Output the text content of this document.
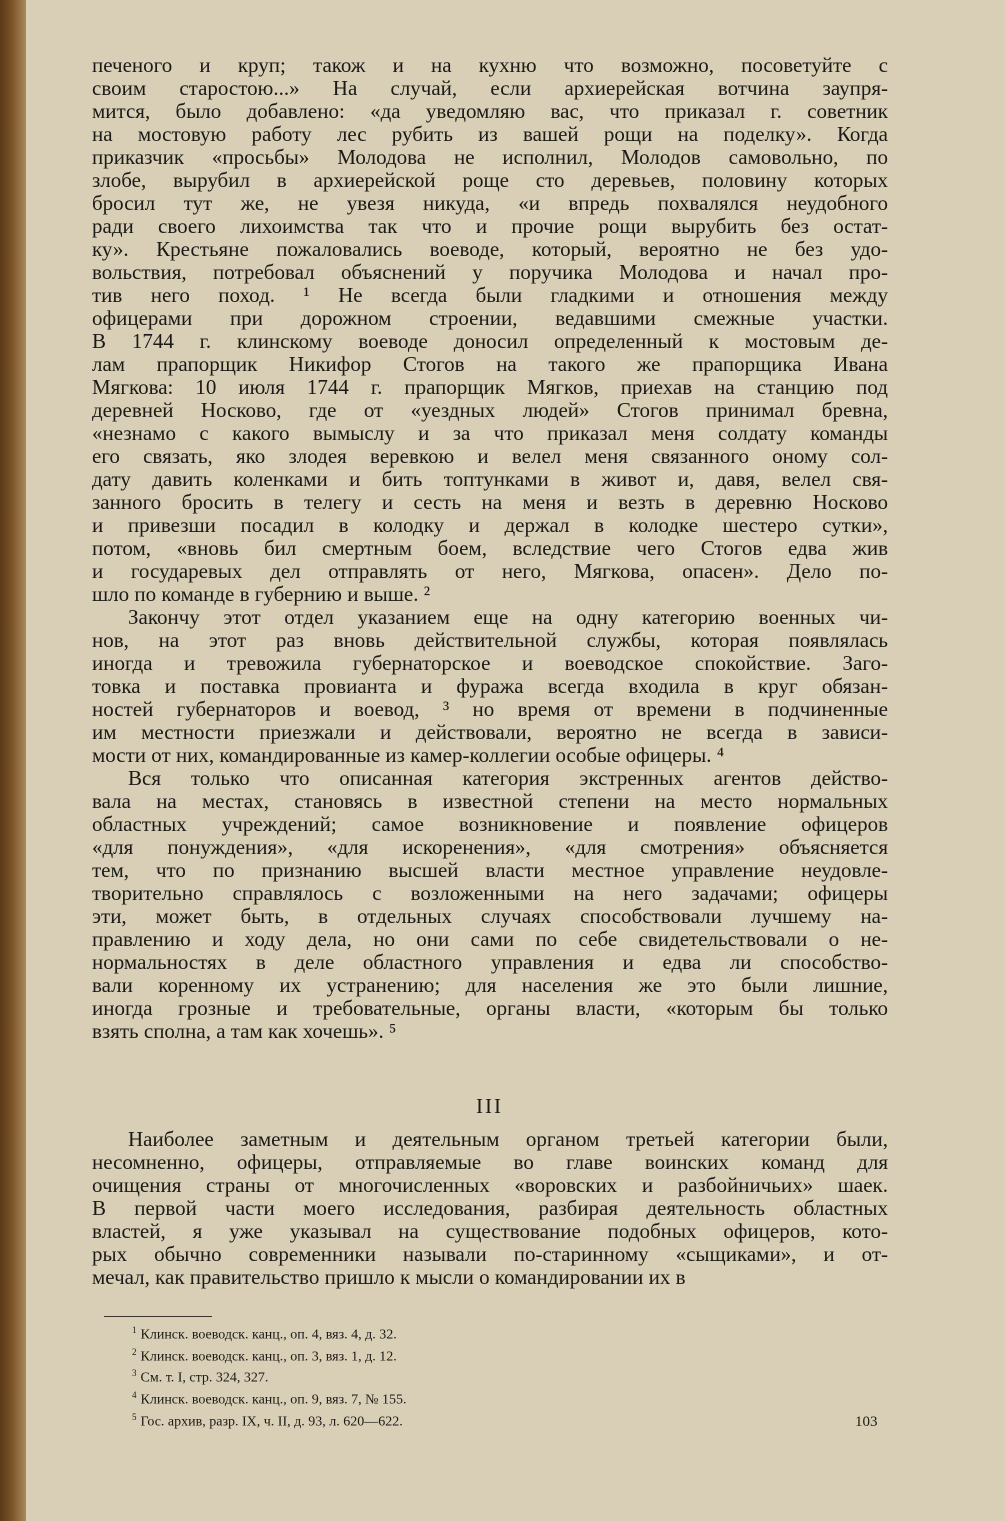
печеного и круп; також и на кухню что возможно, посоветуйте с
своим старостою...» На случай, если архиерейская вотчина заупря-
мится, было добавлено: «да уведомляю вас, что приказал г. советник
на мостовую работу лес рубить из вашей рощи на поделку». Когда
приказчик «просьбы» Молодова не исполнил, Молодов самовольно, по
злобе, вырубил в архиерейской роще сто деревьев, половину которых
бросил тут же, не увезя никуда, «и впредь похвалялся неудобного
ради своего лихоимства так что и прочие рощи вырубить без остат-
ку». Крестьяне пожаловались воеводе, который, вероятно не без удо-
вольствия, потребовал объяснений у поручика Молодова и начал про-
тив него поход. ¹ Не всегда были гладкими и отношения между
офицерами при дорожном строении, ведавшими смежные участки.
В 1744 г. клинскому воеводе доносил определенный к мостовым де-
лам прапорщик Никифор Стогов на такого же прапорщика Ивана
Мягкова: 10 июля 1744 г. прапорщик Мягков, приехав на станцию под
деревней Носково, где от «уездных людей» Стогов принимал бревна,
«незнамо с какого вымыслу и за что приказал меня солдату команды
его связать, яко злодея веревкою и велел меня связанного оному сол-
дату давить коленками и бить топтунками в живот и, давя, велел свя-
занного бросить в телегу и сесть на меня и везть в деревню Носково
и привезши посадил в колодку и держал в колодке шестеро сутки»,
потом, «вновь бил смертным боем, вследствие чего Стогов едва жив
и государевых дел отправлять от него, Мягкова, опасен». Дело по-
шло по команде в губернию и выше. ²
Закончу этот отдел указанием еще на одну категорию военных чи-
нов, на этот раз вновь действительной службы, которая появлялась
иногда и тревожила губернаторское и воеводское спокойствие. Заго-
товка и поставка провианта и фуража всегда входила в круг обязан-
ностей губернаторов и воевод, ³ но время от времени в подчиненные
им местности приезжали и действовали, вероятно не всегда в зависи-
мости от них, командированные из камер-коллегии особые офицеры. ⁴
Вся только что описанная категория экстренных агентов действо-
вала на местах, становясь в известной степени на место нормальных
областных учреждений; самое возникновение и появление офицеров
«для понуждения», «для искоренения», «для смотрения» объясняется
тем, что по признанию высшей власти местное управление неудовле-
творительно справлялось с возложенными на него задачами; офицеры
эти, может быть, в отдельных случаях способствовали лучшему на-
правлению и ходу дела, но они сами по себе свидетельствовали о не-
нормальностях в деле областного управления и едва ли способство-
вали коренному их устранению; для населения же это были лишние,
иногда грозные и требовательные, органы власти, «которым бы только
взять сполна, а там как хочешь». ⁵
III
Наиболее заметным и деятельным органом третьей категории были,
несомненно, офицеры, отправляемые во главе воинских команд для
очищения страны от многочисленных «воровских и разбойничьих» шаек.
В первой части моего исследования, разбирая деятельность областных
властей, я уже указывал на существование подобных офицеров, кото-
рых обычно современники называли по-старинному «сыщиками», и от-
мечал, как правительство пришло к мысли о командировании их в
$^1$ Клинск. воеводск. канц., оп. 4, вяз. 4, д. 32.
$^2$ Клинск. воеводск. канц., оп. 3, вяз. 1, д. 12.
$^3$ См. т. I, стр. 324, 327.
$^4$ Клинск. воеводск. канц., оп. 9, вяз. 7, № 155.
$^5$ Гос. архив, разр. IX, ч. II, д. 93, л. 620—622.	103
